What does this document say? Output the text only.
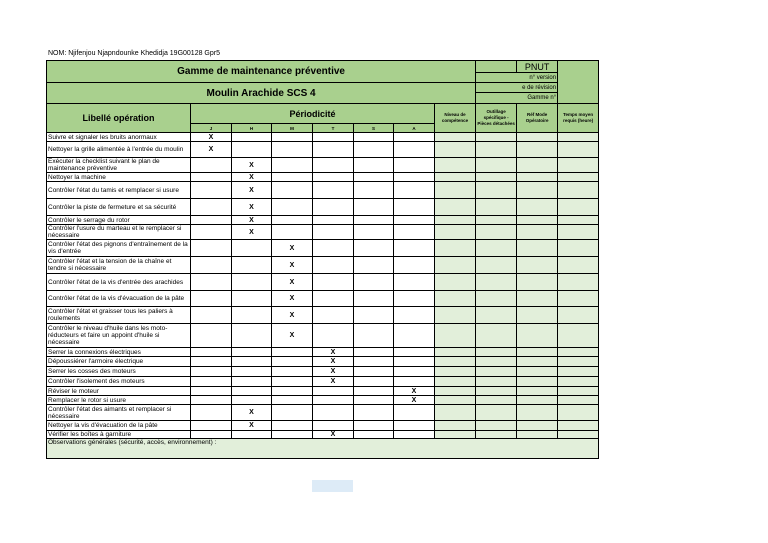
NOM: Njifenjou Njapndounke Khedidja 19G00128 Gpr5
Gamme de maintenance préventive									PNUT	
								n° version		
Moulin Arachide SCS 4								e de révision		
								Gamme n°		
Libellé opération	Périodicité						Niveau de compétence	Outillage spécifique - Pièces détachées	Réf Mode Opératoire	Temps moyen requis (heure)
	J	H	M	T	S	A				
Suivre et signaler les bruits anormaux	X									
Nettoyer la grille alimentée à l'entrée du moulin	X									
Exécuter la checklist suivant le plan de maintenance préventive		X								
Nettoyer la machine		X								
Contrôler l'état du tamis et remplacer si usure		X								
Contrôler la piste de fermeture et sa sécurité		X								
Contrôler le serrage du rotor		X								
Contrôler l'usure du marteau et le remplacer si nécessaire		X								
Contrôler l'état des pignons d'entraînement de la vis d'entrée			X							
Contrôler l'état et la tension de la chaîne et tendre si nécessaire			X							
Contrôler l'état de la vis d'entrée des arachides			X							
Contrôler l'état de la vis d'évacuation de la pâte			X							
Contrôler l'état et graisser tous les paliers à roulements			X							
Contrôler le niveau d'huile dans les moto-réducteurs et faire un appoint d'huile si nécessaire			X							
Serrer la connexions électriques				X						
Dépoussiérer l'armoire électrique				X						
Serrer les cosses des moteurs				X						
Contrôler l'isolement des moteurs				X						
Réviser le moteur						X				
Remplacer le rotor si usure						X				
Contrôler l'état des aimants et remplacer si nécessaire		X								
Nettoyer la vis d'évacuation de la pâte		X								
Vérifier les boîtes à garniture				X						
Observations générales (sécurité, accès, environnement) :										
